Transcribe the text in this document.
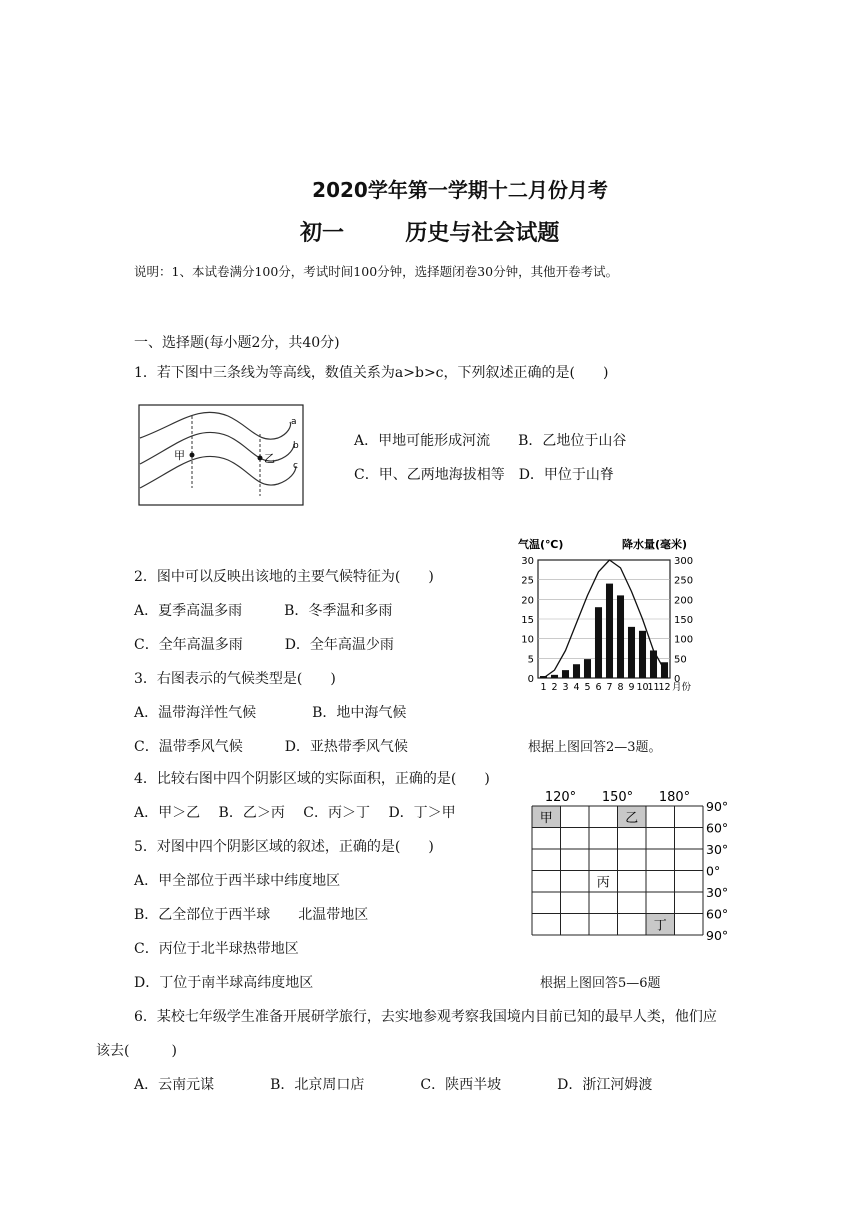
2020学年第一学期十二月份月考
初一	历史与社会试题
说明：1、本试卷满分100分，考试时间100分钟，选择题闭卷30分钟，其他开卷考试。
一、选择题(每小题2分，共40分)
1．若下图中三条线为等高线，数值关系为a>b>c，下列叙述正确的是(　　)
甲	乙
a
b
c
A．甲地可能形成河流　　B．乙地位于山谷
C．甲、乙两地海拔相等　D．甲位于山脊
2．图中可以反映出该地的主要气候特征为(　　)
A．夏季高温多雨　　　B．冬季温和多雨
C．全年高温多雨　　　D．全年高温少雨
3．右图表示的气候类型是(　　)
A．温带海洋性气候　　　　B．地中海气候
C．温带季风气候　　　D．亚热带季风气候
气温(℃)	降水量(毫米)
0
5
10
15
20
25
30
0
50
100
150
200
250
300
1 2 3 4 5 6 7 8 9 10
11
12 月份
根据上图回答2—3题。
4．比较右图中四个阴影区域的实际面积，正确的是(　　)
A．甲＞乙　 B．乙＞丙　 C．丙＞丁　 D．丁＞甲	甲	乙
丙
丁
120° 150° 180°
90°
60°
30°
0°
30°
60°
90°
5．对图中四个阴影区域的叙述，正确的是(　　)
A．甲全部位于西半球中纬度地区
B．乙全部位于西半球　　北温带地区
C．丙位于北半球热带地区
D．丁位于南半球高纬度地区	根据上图回答5—6题
6．某校七年级学生准备开展研学旅行，去实地参观考察我国境内目前已知的最早人类，他们应
该去(　　　)
A．云南元谋　　　　B．北京周口店　　　　C．陕西半坡　　　　D．浙江河姆渡
